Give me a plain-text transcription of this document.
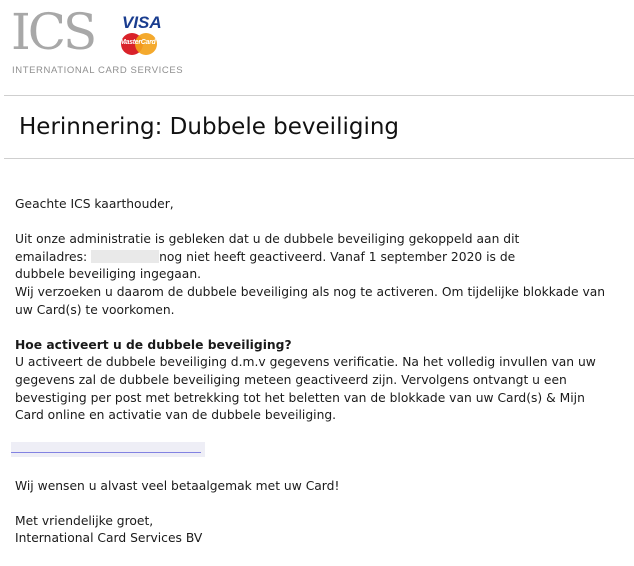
ICS VISA
MasterCard
INTERNATIONAL CARD SERVICES
Herinnering: Dubbele beveiliging

Geachte ICS kaarthouder,

Uit onze administratie is gebleken dat u de dubbele beveiliging gekoppeld aan dit
emailadres:	nog niet heeft geactiveerd. Vanaf 1 september 2020 is de
dubbele beveiliging ingegaan.
Wij verzoeken u daarom de dubbele beveiliging als nog te activeren. Om tijdelijke blokkade van
uw Card(s) te voorkomen.

Hoe activeert u de dubbele beveiliging?

U activeert de dubbele beveiliging d.m.v gegevens verificatie. Na het volledig invullen van uw
gegevens zal de dubbele beveiliging meteen geactiveerd zijn. Vervolgens ontvangt u een
bevestiging per post met betrekking tot het beletten van de blokkade van uw Card(s) & Mijn
Card online en activatie van de dubbele beveiliging.

Wij wensen u alvast veel betaalgemak met uw Card!

Met vriendelijke groet,

International Card Services BV
